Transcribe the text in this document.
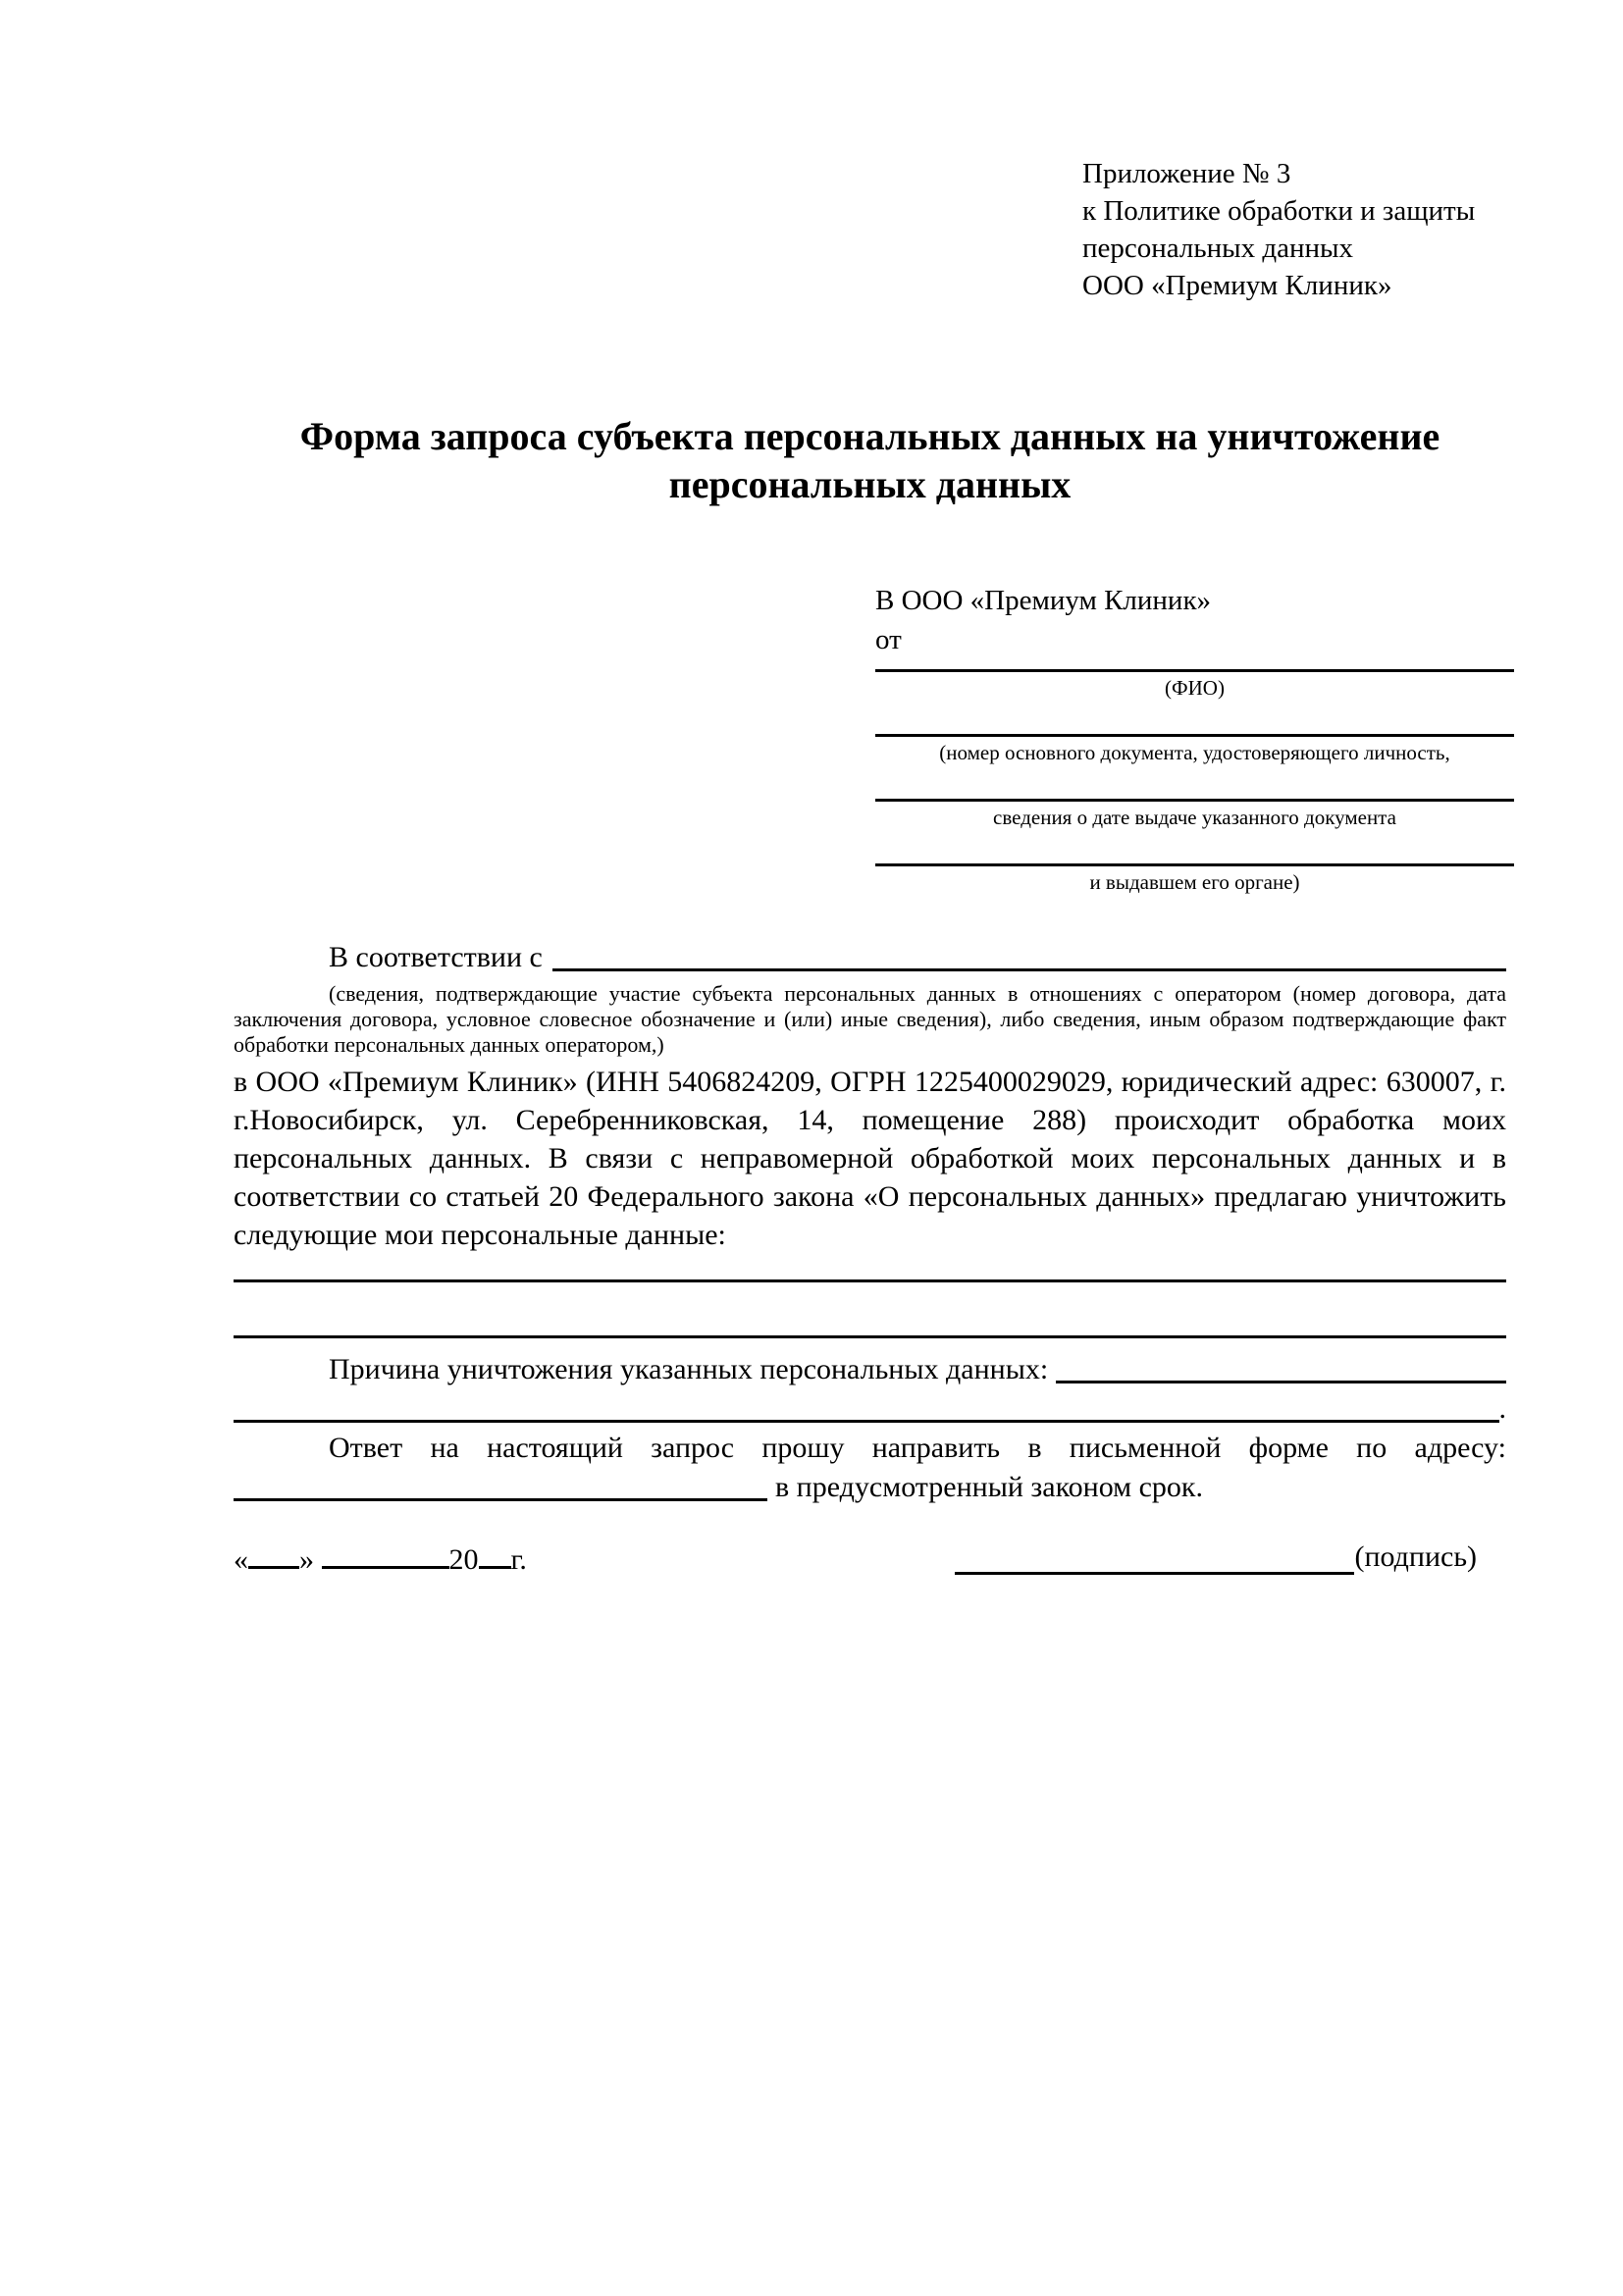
Приложение № 3
к Политике обработки и защиты
персональных данных
ООО «Премиум Клиник»
Форма запроса субъекта персональных данных на уничтожение
персональных данных
В ООО «Премиум Клиник»
от
(ФИО)
(номер основного документа, удостоверяющего личность,
сведения о дате выдаче указанного документа
и выдавшем его органе)
В соответствии с
(сведения, подтверждающие участие субъекта персональных данных в отношениях с оператором (номер договора, дата заключения договора, условное словесное обозначение и (или) иные сведения), либо сведения, иным образом подтверждающие факт обработки персональных данных оператором,)
в ООО «Премиум Клиник» (ИНН 5406824209, ОГРН 1225400029029, юридический адрес: 630007, г. г.Новосибирск, ул. Серебренниковская, 14, помещение 288) происходит обработка моих персональных данных. В связи с неправомерной обработкой моих персональных данных и в соответствии со статьей 20 Федерального закона «О персональных данных» предлагаю уничтожить следующие мои персональные данные:
Причина уничтожения указанных персональных данных:
.
Ответ на настоящий запрос прошу направить в письменной форме по адресу:
в предусмотренный законом срок.
« »	20 г.	(подпись)
